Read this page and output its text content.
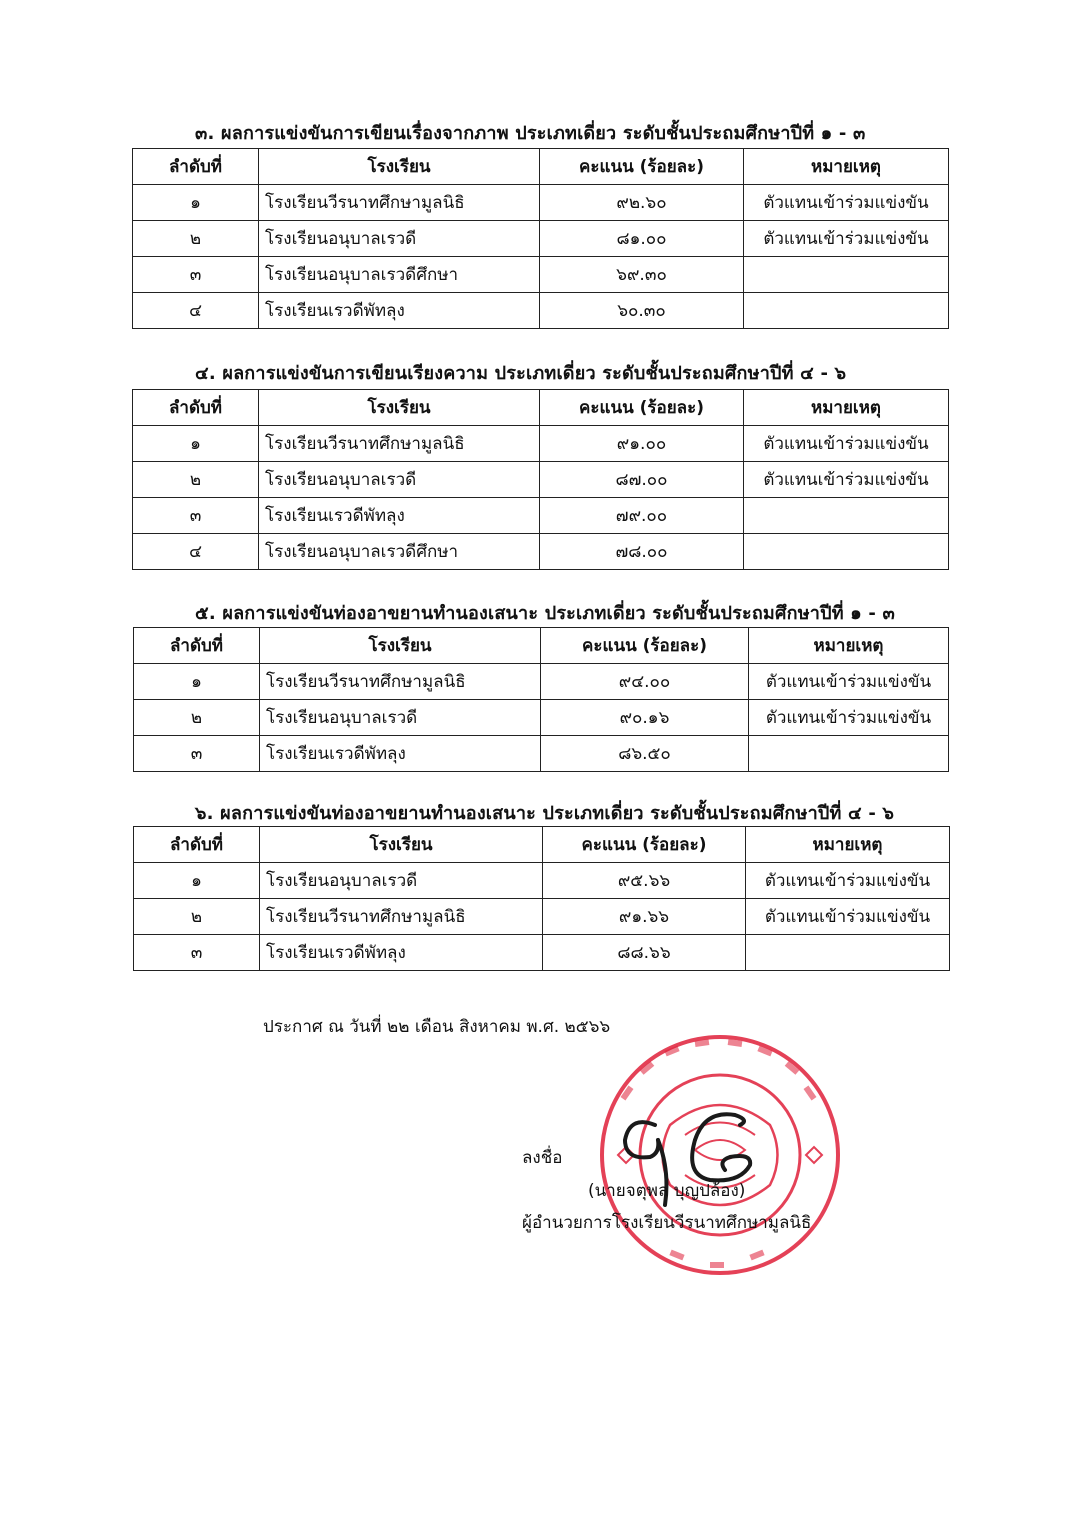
๓. ผลการแข่งขันการเขียนเรื่องจากภาพ ประเภทเดี่ยว ระดับชั้นประถมศึกษาปีที่ ๑ - ๓
ลำดับที่	โรงเรียน	คะแนน (ร้อยละ)	หมายเหตุ
๑	โรงเรียนวีรนาทศึกษามูลนิธิ	๙๒.๖๐	ตัวแทนเข้าร่วมแข่งขัน
๒	โรงเรียนอนุบาลเรวดี	๘๑.๐๐	ตัวแทนเข้าร่วมแข่งขัน
๓	โรงเรียนอนุบาลเรวดีศึกษา	๖๙.๓๐	
๔	โรงเรียนเรวดีพัทลุง	๖๐.๓๐	
๔. ผลการแข่งขันการเขียนเรียงความ ประเภทเดี่ยว ระดับชั้นประถมศึกษาปีที่ ๔ - ๖
ลำดับที่	โรงเรียน	คะแนน (ร้อยละ)	หมายเหตุ
๑	โรงเรียนวีรนาทศึกษามูลนิธิ	๙๑.๐๐	ตัวแทนเข้าร่วมแข่งขัน
๒	โรงเรียนอนุบาลเรวดี	๘๗.๐๐	ตัวแทนเข้าร่วมแข่งขัน
๓	โรงเรียนเรวดีพัทลุง	๗๙.๐๐	
๔	โรงเรียนอนุบาลเรวดีศึกษา	๗๘.๐๐	
๕. ผลการแข่งขันท่องอาขยานทำนองเสนาะ ประเภทเดี่ยว ระดับชั้นประถมศึกษาปีที่ ๑ - ๓
ลำดับที่	โรงเรียน	คะแนน (ร้อยละ)	หมายเหตุ
๑	โรงเรียนวีรนาทศึกษามูลนิธิ	๙๔.๐๐	ตัวแทนเข้าร่วมแข่งขัน
๒	โรงเรียนอนุบาลเรวดี	๙๐.๑๖	ตัวแทนเข้าร่วมแข่งขัน
๓	โรงเรียนเรวดีพัทลุง	๘๖.๕๐	
๖. ผลการแข่งขันท่องอาขยานทำนองเสนาะ ประเภทเดี่ยว ระดับชั้นประถมศึกษาปีที่ ๔ - ๖
ลำดับที่	โรงเรียน	คะแนน (ร้อยละ)	หมายเหตุ
๑	โรงเรียนอนุบาลเรวดี	๙๕.๖๖	ตัวแทนเข้าร่วมแข่งขัน
๒	โรงเรียนวีรนาทศึกษามูลนิธิ	๙๑.๖๖	ตัวแทนเข้าร่วมแข่งขัน
๓	โรงเรียนเรวดีพัทลุง	๘๘.๖๖	
ประกาศ ณ วันที่ ๒๒ เดือน สิงหาคม พ.ศ. ๒๕๖๖
ลงชื่อ
(นายจตุพล บุญปล้อง)
ผู้อำนวยการโรงเรียนวีรนาทศึกษามูลนิธิ
